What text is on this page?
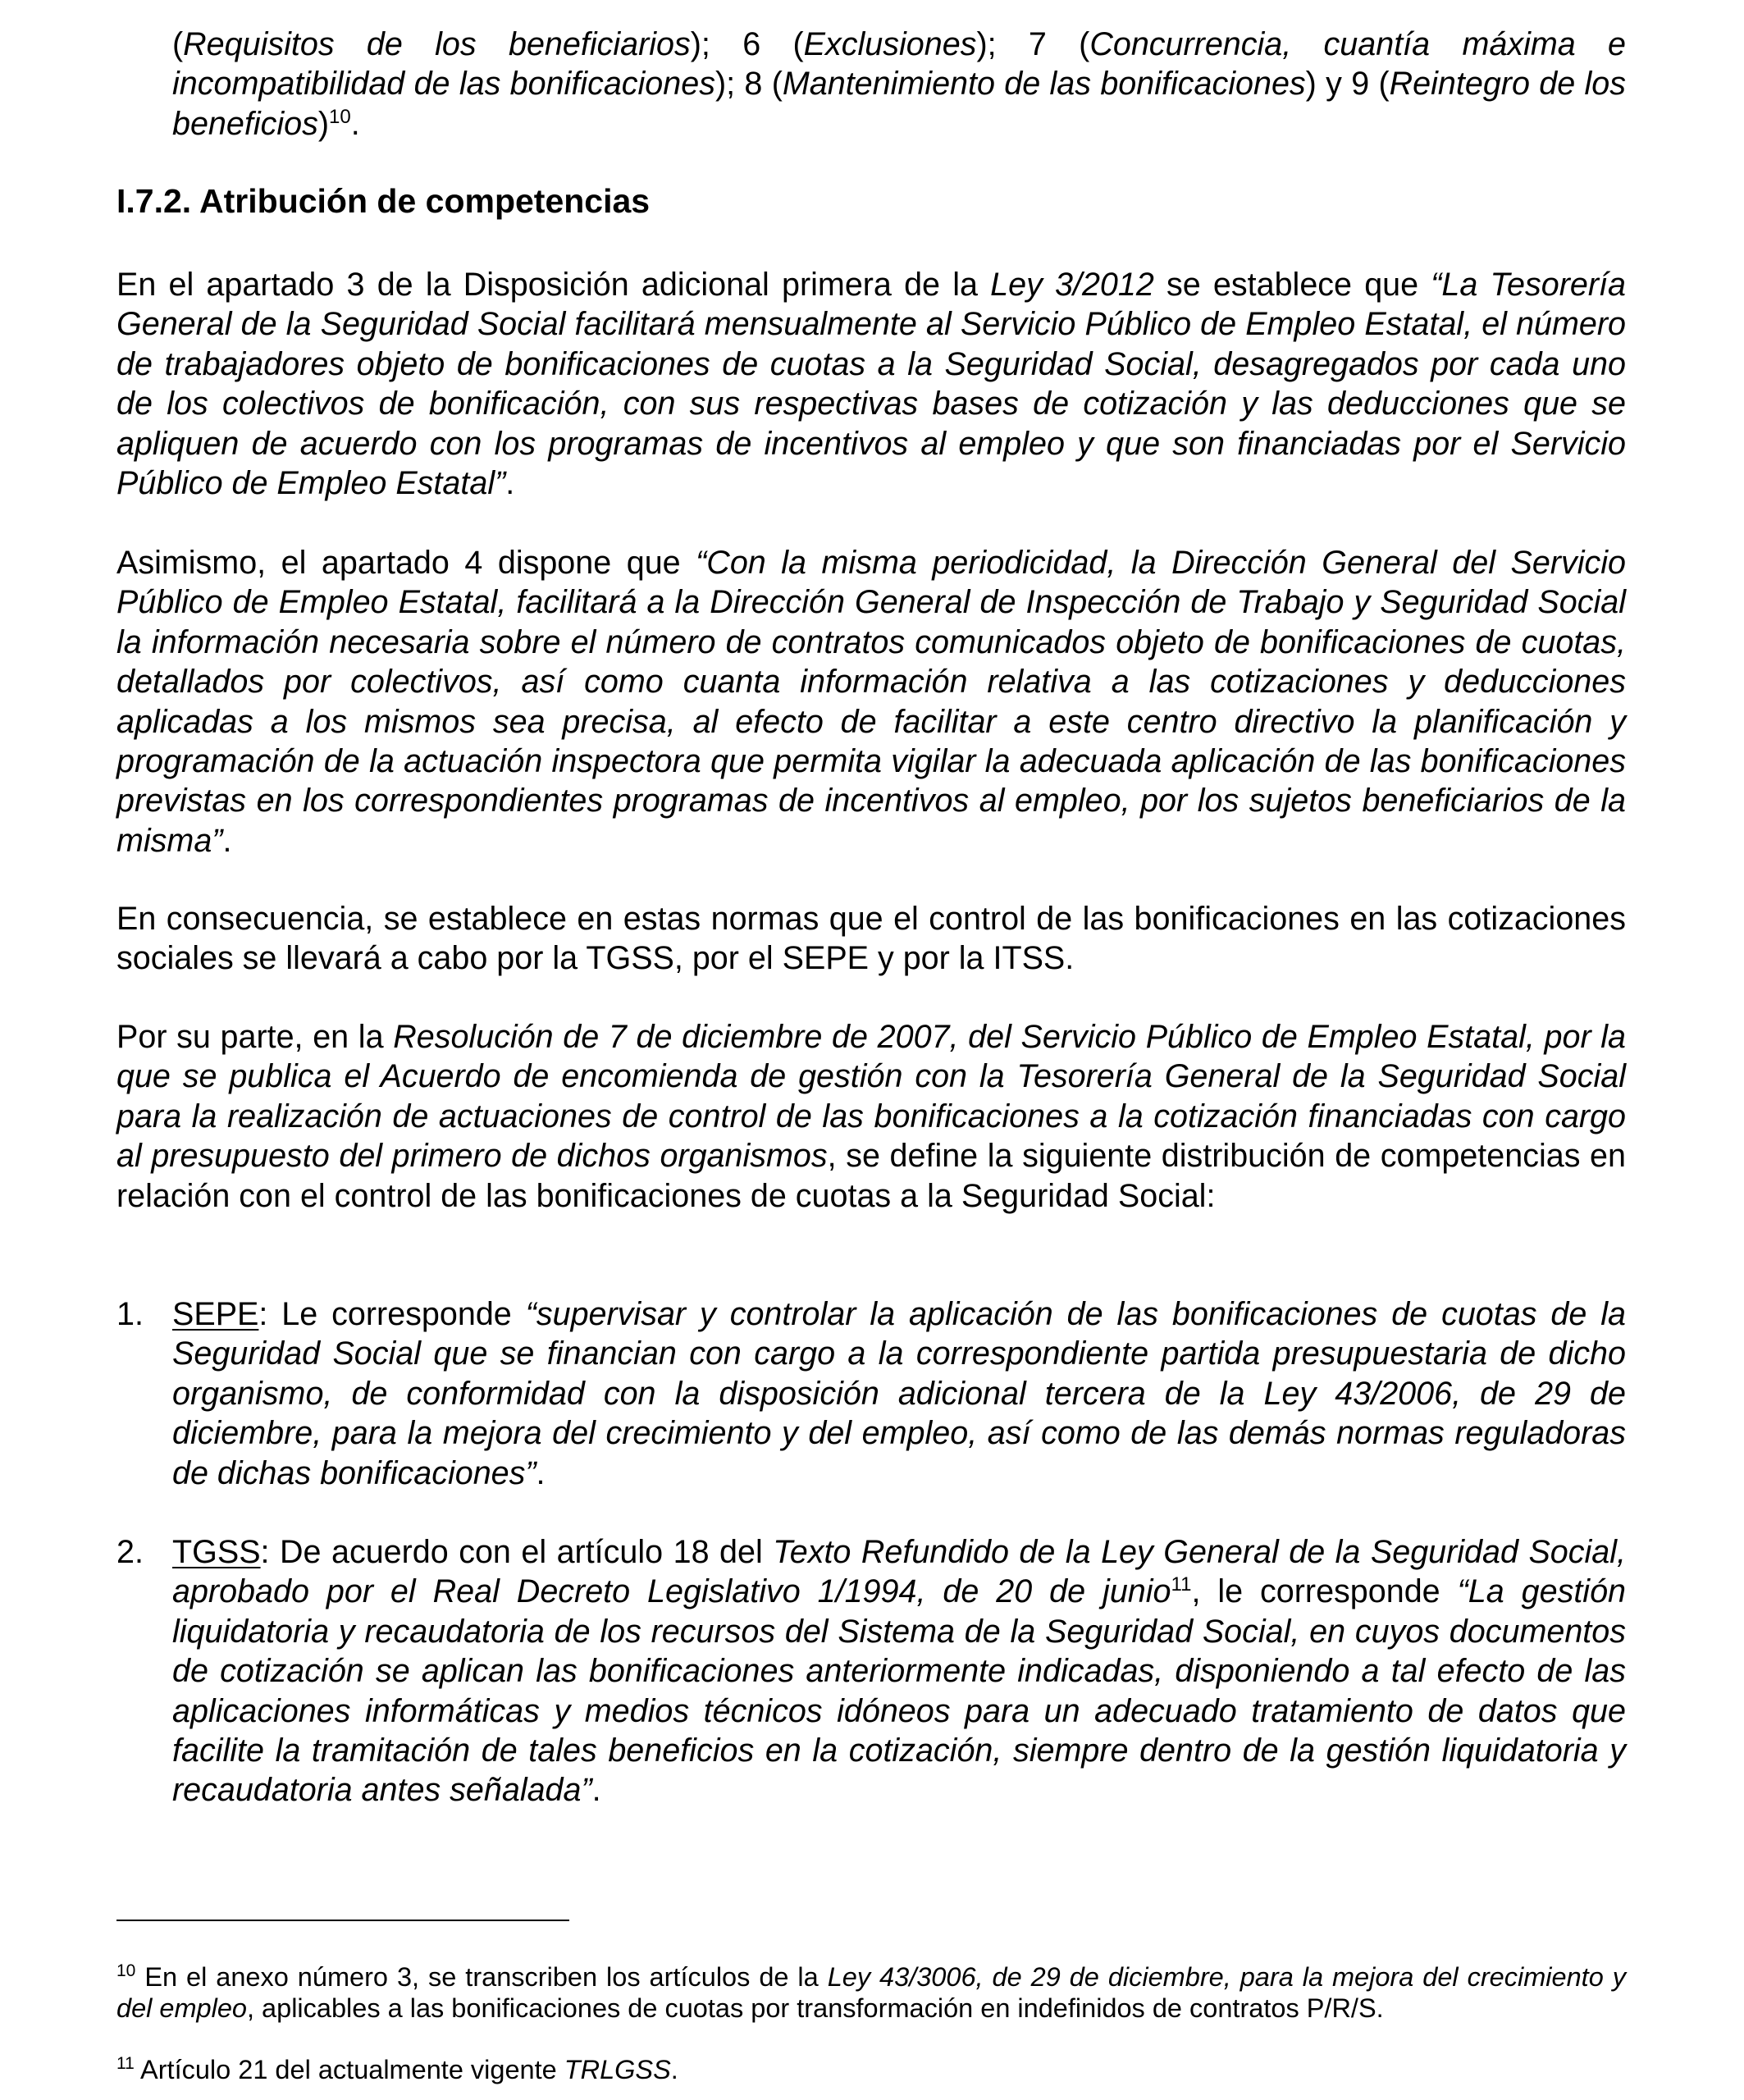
(Requisitos de los beneficiarios); 6 (Exclusiones); 7 (Concurrencia, cuantía máxima e incompatibilidad de las bonificaciones); 8 (Mantenimiento de las bonificaciones) y 9 (Reintegro de los beneficios)$^{10}$.

I.7.2. Atribución de competencias

En el apartado 3 de la Disposición adicional primera de la Ley 3/2012 se establece que “La Tesorería General de la Seguridad Social facilitará mensualmente al Servicio Público de Empleo Estatal, el número de trabajadores objeto de bonificaciones de cuotas a la Seguridad Social, desagregados por cada uno de los colectivos de bonificación, con sus respectivas bases de cotización y las deducciones que se apliquen de acuerdo con los programas de incentivos al empleo y que son financiadas por el Servicio Público de Empleo Estatal”.

Asimismo, el apartado 4 dispone que “Con la misma periodicidad, la Dirección General del Servicio Público de Empleo Estatal, facilitará a la Dirección General de Inspección de Trabajo y Seguridad Social la información necesaria sobre el número de contratos comunicados objeto de bonificaciones de cuotas, detallados por colectivos, así como cuanta información relativa a las cotizaciones y deducciones aplicadas a los mismos sea precisa, al efecto de facilitar a este centro directivo la planificación y programación de la actuación inspectora que permita vigilar la adecuada aplicación de las bonificaciones previstas en los correspondientes programas de incentivos al empleo, por los sujetos beneficiarios de la misma”.

En consecuencia, se establece en estas normas que el control de las bonificaciones en las cotizaciones sociales se llevará a cabo por la TGSS, por el SEPE y por la ITSS.

Por su parte, en la Resolución de 7 de diciembre de 2007, del Servicio Público de Empleo Estatal, por la que se publica el Acuerdo de encomienda de gestión con la Tesorería General de la Seguridad Social para la realización de actuaciones de control de las bonificaciones a la cotización financiadas con cargo al presupuesto del primero de dichos organismos, se define la siguiente distribución de competencias en relación con el control de las bonificaciones de cuotas a la Seguridad Social:

1. SEPE: Le corresponde “supervisar y controlar la aplicación de las bonificaciones de cuotas de la Seguridad Social que se financian con cargo a la correspondiente partida presupuestaria de dicho organismo, de conformidad con la disposición adicional tercera de la Ley 43/2006, de 29 de diciembre, para la mejora del crecimiento y del empleo, así como de las demás normas reguladoras de dichas bonificaciones”.

2. TGSS: De acuerdo con el artículo 18 del Texto Refundido de la Ley General de la Seguridad Social, aprobado por el Real Decreto Legislativo 1/1994, de 20 de junio$^{11}$, le corresponde “La gestión liquidatoria y recaudatoria de los recursos del Sistema de la Seguridad Social, en cuyos documentos de cotización se aplican las bonificaciones anteriormente indicadas, disponiendo a tal efecto de las aplicaciones informáticas y medios técnicos idóneos para un adecuado tratamiento de datos que facilite la tramitación de tales beneficios en la cotización, siempre dentro de la gestión liquidatoria y recaudatoria antes señalada”.

$^{10}$ En el anexo número 3, se transcriben los artículos de la Ley 43/3006, de 29 de diciembre, para la mejora del crecimiento y del empleo, aplicables a las bonificaciones de cuotas por transformación en indefinidos de contratos P/R/S.

$^{11}$ Artículo 21 del actualmente vigente TRLGSS.
